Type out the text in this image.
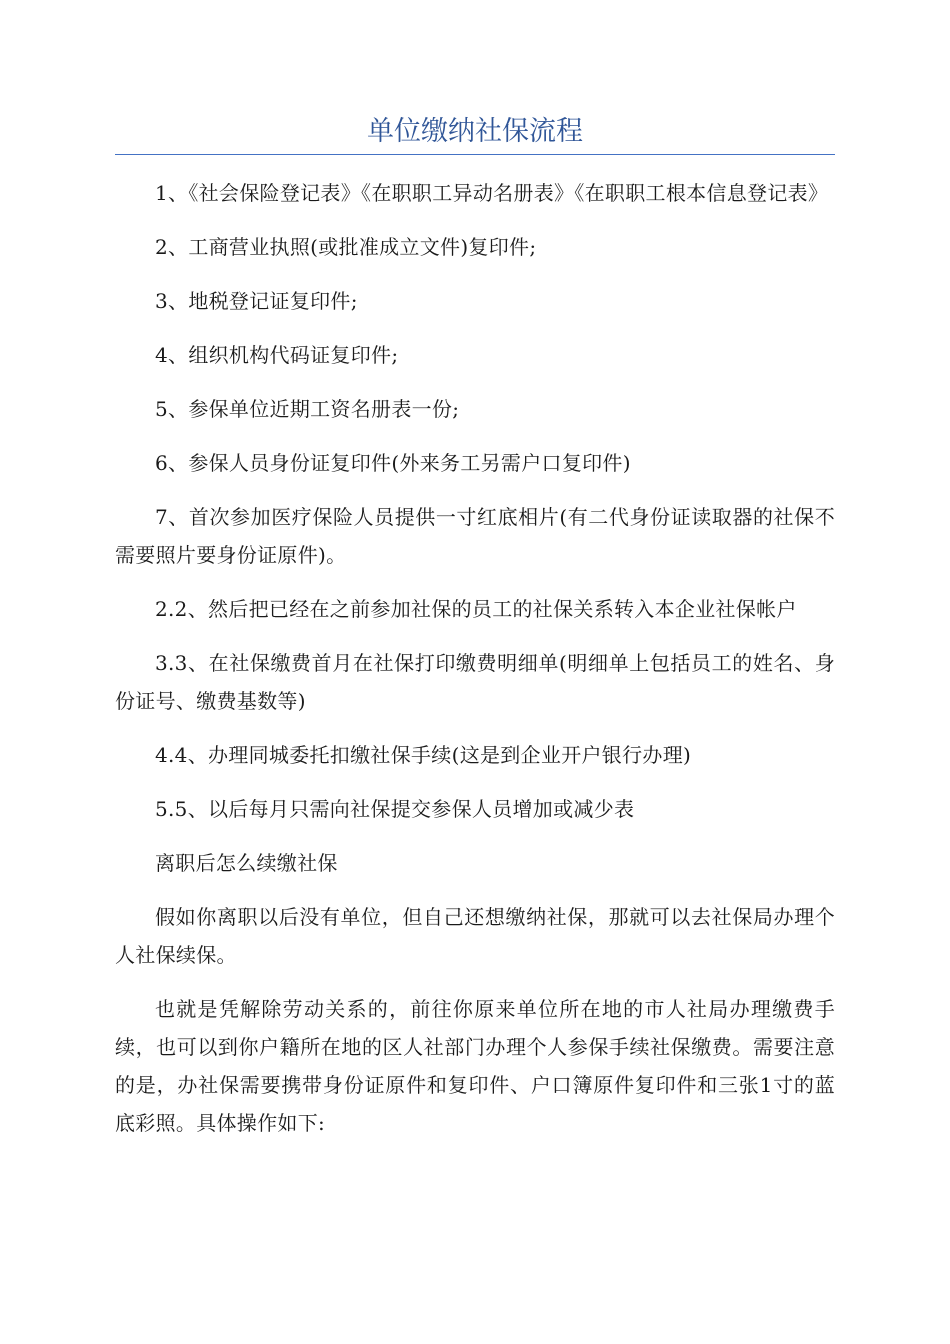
单位缴纳社保流程

1、《社会保险登记表》《在职职工异动名册表》《在职职工根本信息登记表》

2、工商营业执照(或批准成立文件)复印件;

3、地税登记证复印件;

4、组织机构代码证复印件;

5、参保单位近期工资名册表一份;

6、参保人员身份证复印件(外来务工另需户口复印件)

7、首次参加医疗保险人员提供一寸红底相片(有二代身份证读取器的社保不需要照片要身份证原件)。

2.2、然后把已经在之前参加社保的员工的社保关系转入本企业社保帐户

3.3、在社保缴费首月在社保打印缴费明细单(明细单上包括员工的姓名、身份证号、缴费基数等)

4.4、办理同城委托扣缴社保手续(这是到企业开户银行办理)

5.5、以后每月只需向社保提交参保人员增加或减少表

离职后怎么续缴社保

假如你离职以后没有单位，但自己还想缴纳社保，那就可以去社保局办理个人社保续保。

也就是凭解除劳动关系的，前往你原来单位所在地的市人社局办理缴费手续，也可以到你户籍所在地的区人社部门办理个人参保手续社保缴费。需要注意的是，办社保需要携带身份证原件和复印件、户口簿原件复印件和三张1寸的蓝底彩照。具体操作如下:
